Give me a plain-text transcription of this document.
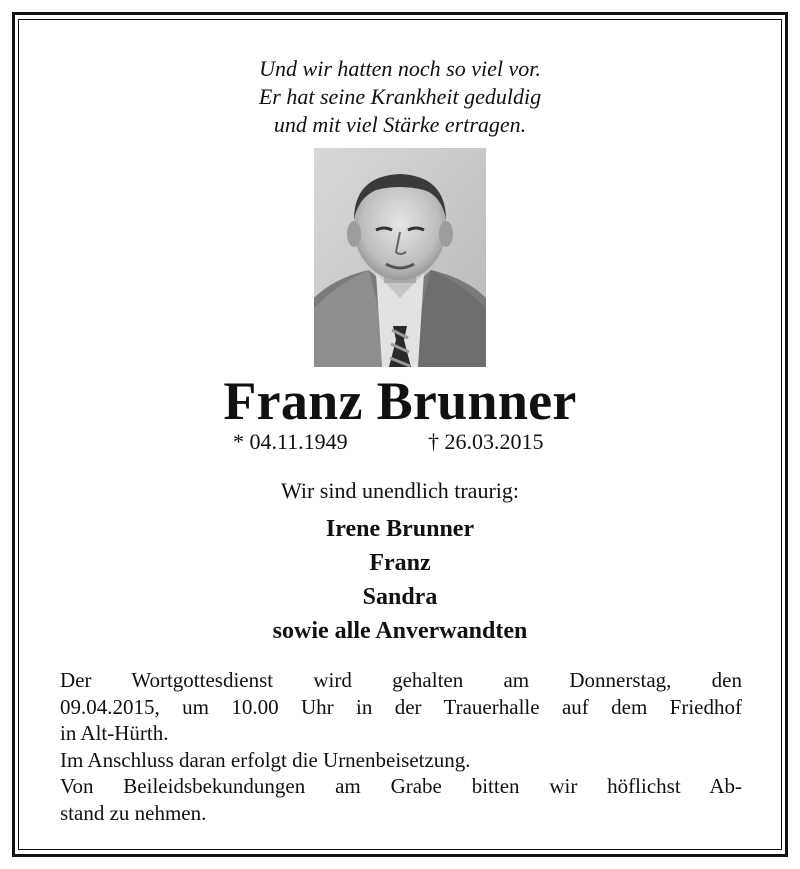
Und wir hatten noch so viel vor.
Er hat seine Krankheit geduldig
und mit viel Stärke ertragen.
Franz Brunner
* 04.11.1949	† 26.03.2015
Wir sind unendlich traurig:
Irene Brunner
Franz
Sandra
sowie alle Anverwandten
Der Wortgottesdienst wird gehalten am Donnerstag, den
09.04.2015, um 10.00 Uhr in der Trauerhalle auf dem Friedhof
in Alt-Hürth.
Im Anschluss daran erfolgt die Urnenbeisetzung.
Von Beileidsbekundungen am Grabe bitten wir höflichst Ab-
stand zu nehmen.
